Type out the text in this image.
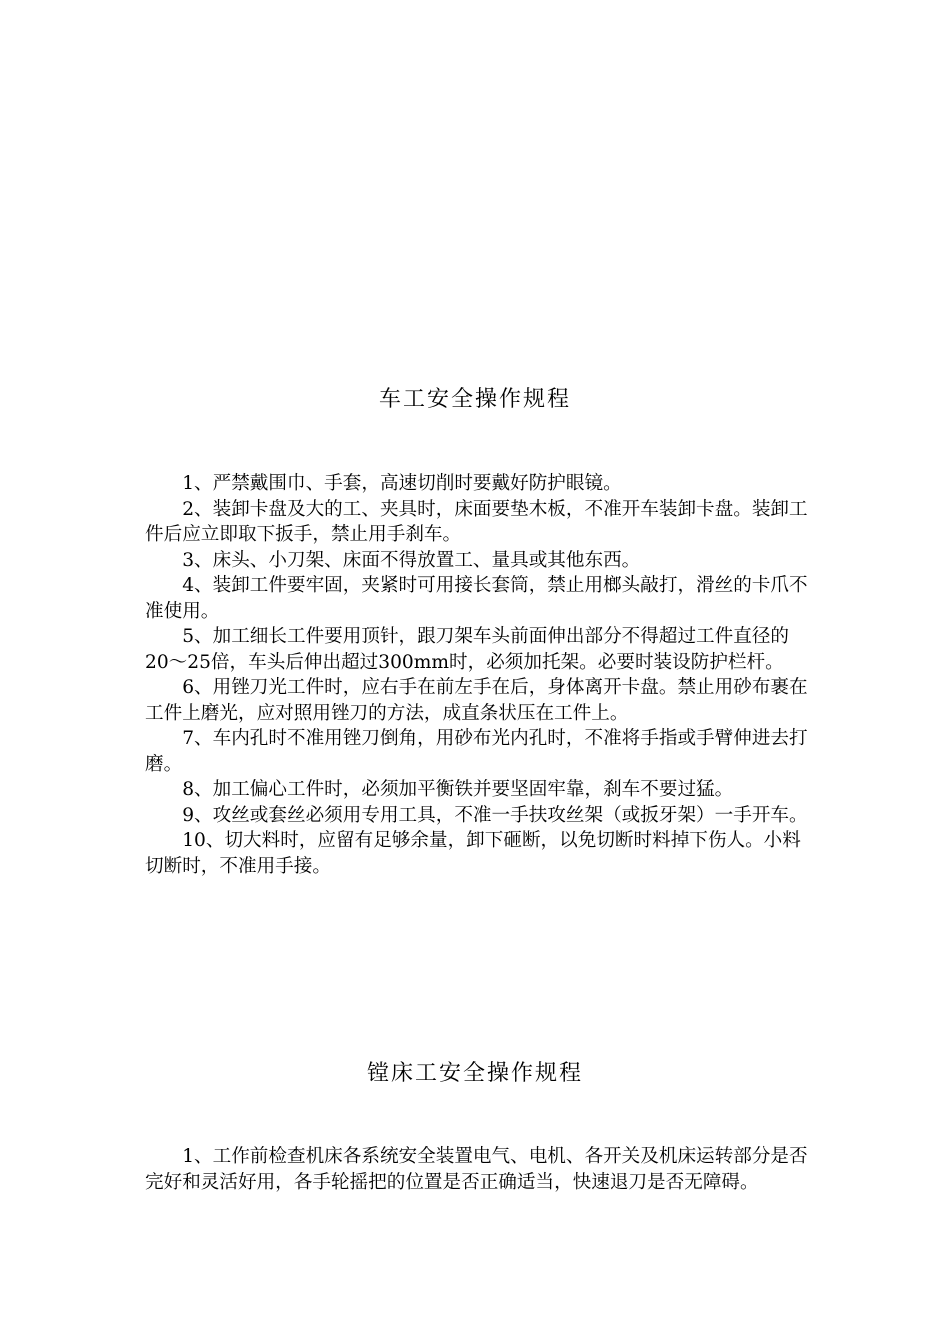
车工安全操作规程

1、严禁戴围巾、手套，高速切削时要戴好防护眼镜。

2、装卸卡盘及大的工、夹具时，床面要垫木板，不准开车装卸卡盘。装卸工件后应立即取下扳手，禁止用手刹车。

3、床头、小刀架、床面不得放置工、量具或其他东西。

4、装卸工件要牢固，夹紧时可用接长套筒，禁止用榔头敲打，滑丝的卡爪不准使用。

5、加工细长工件要用顶针，跟刀架车头前面伸出部分不得超过工件直径的20～25倍，车头后伸出超过300mm时，必须加托架。必要时装设防护栏杆。

6、用锉刀光工件时，应右手在前左手在后，身体离开卡盘。禁止用砂布裹在工件上磨光，应对照用锉刀的方法，成直条状压在工件上。

7、车内孔时不准用锉刀倒角，用砂布光内孔时，不准将手指或手臂伸进去打磨。

8、加工偏心工件时，必须加平衡铁并要坚固牢靠，刹车不要过猛。

9、攻丝或套丝必须用专用工具，不准一手扶攻丝架（或扳牙架）一手开车。

10、切大料时，应留有足够余量，卸下砸断，以免切断时料掉下伤人。小料切断时，不准用手接。

镗床工安全操作规程

1、工作前检查机床各系统安全装置电气、电机、各开关及机床运转部分是否完好和灵活好用，各手轮摇把的位置是否正确适当，快速退刀是否无障碍。
